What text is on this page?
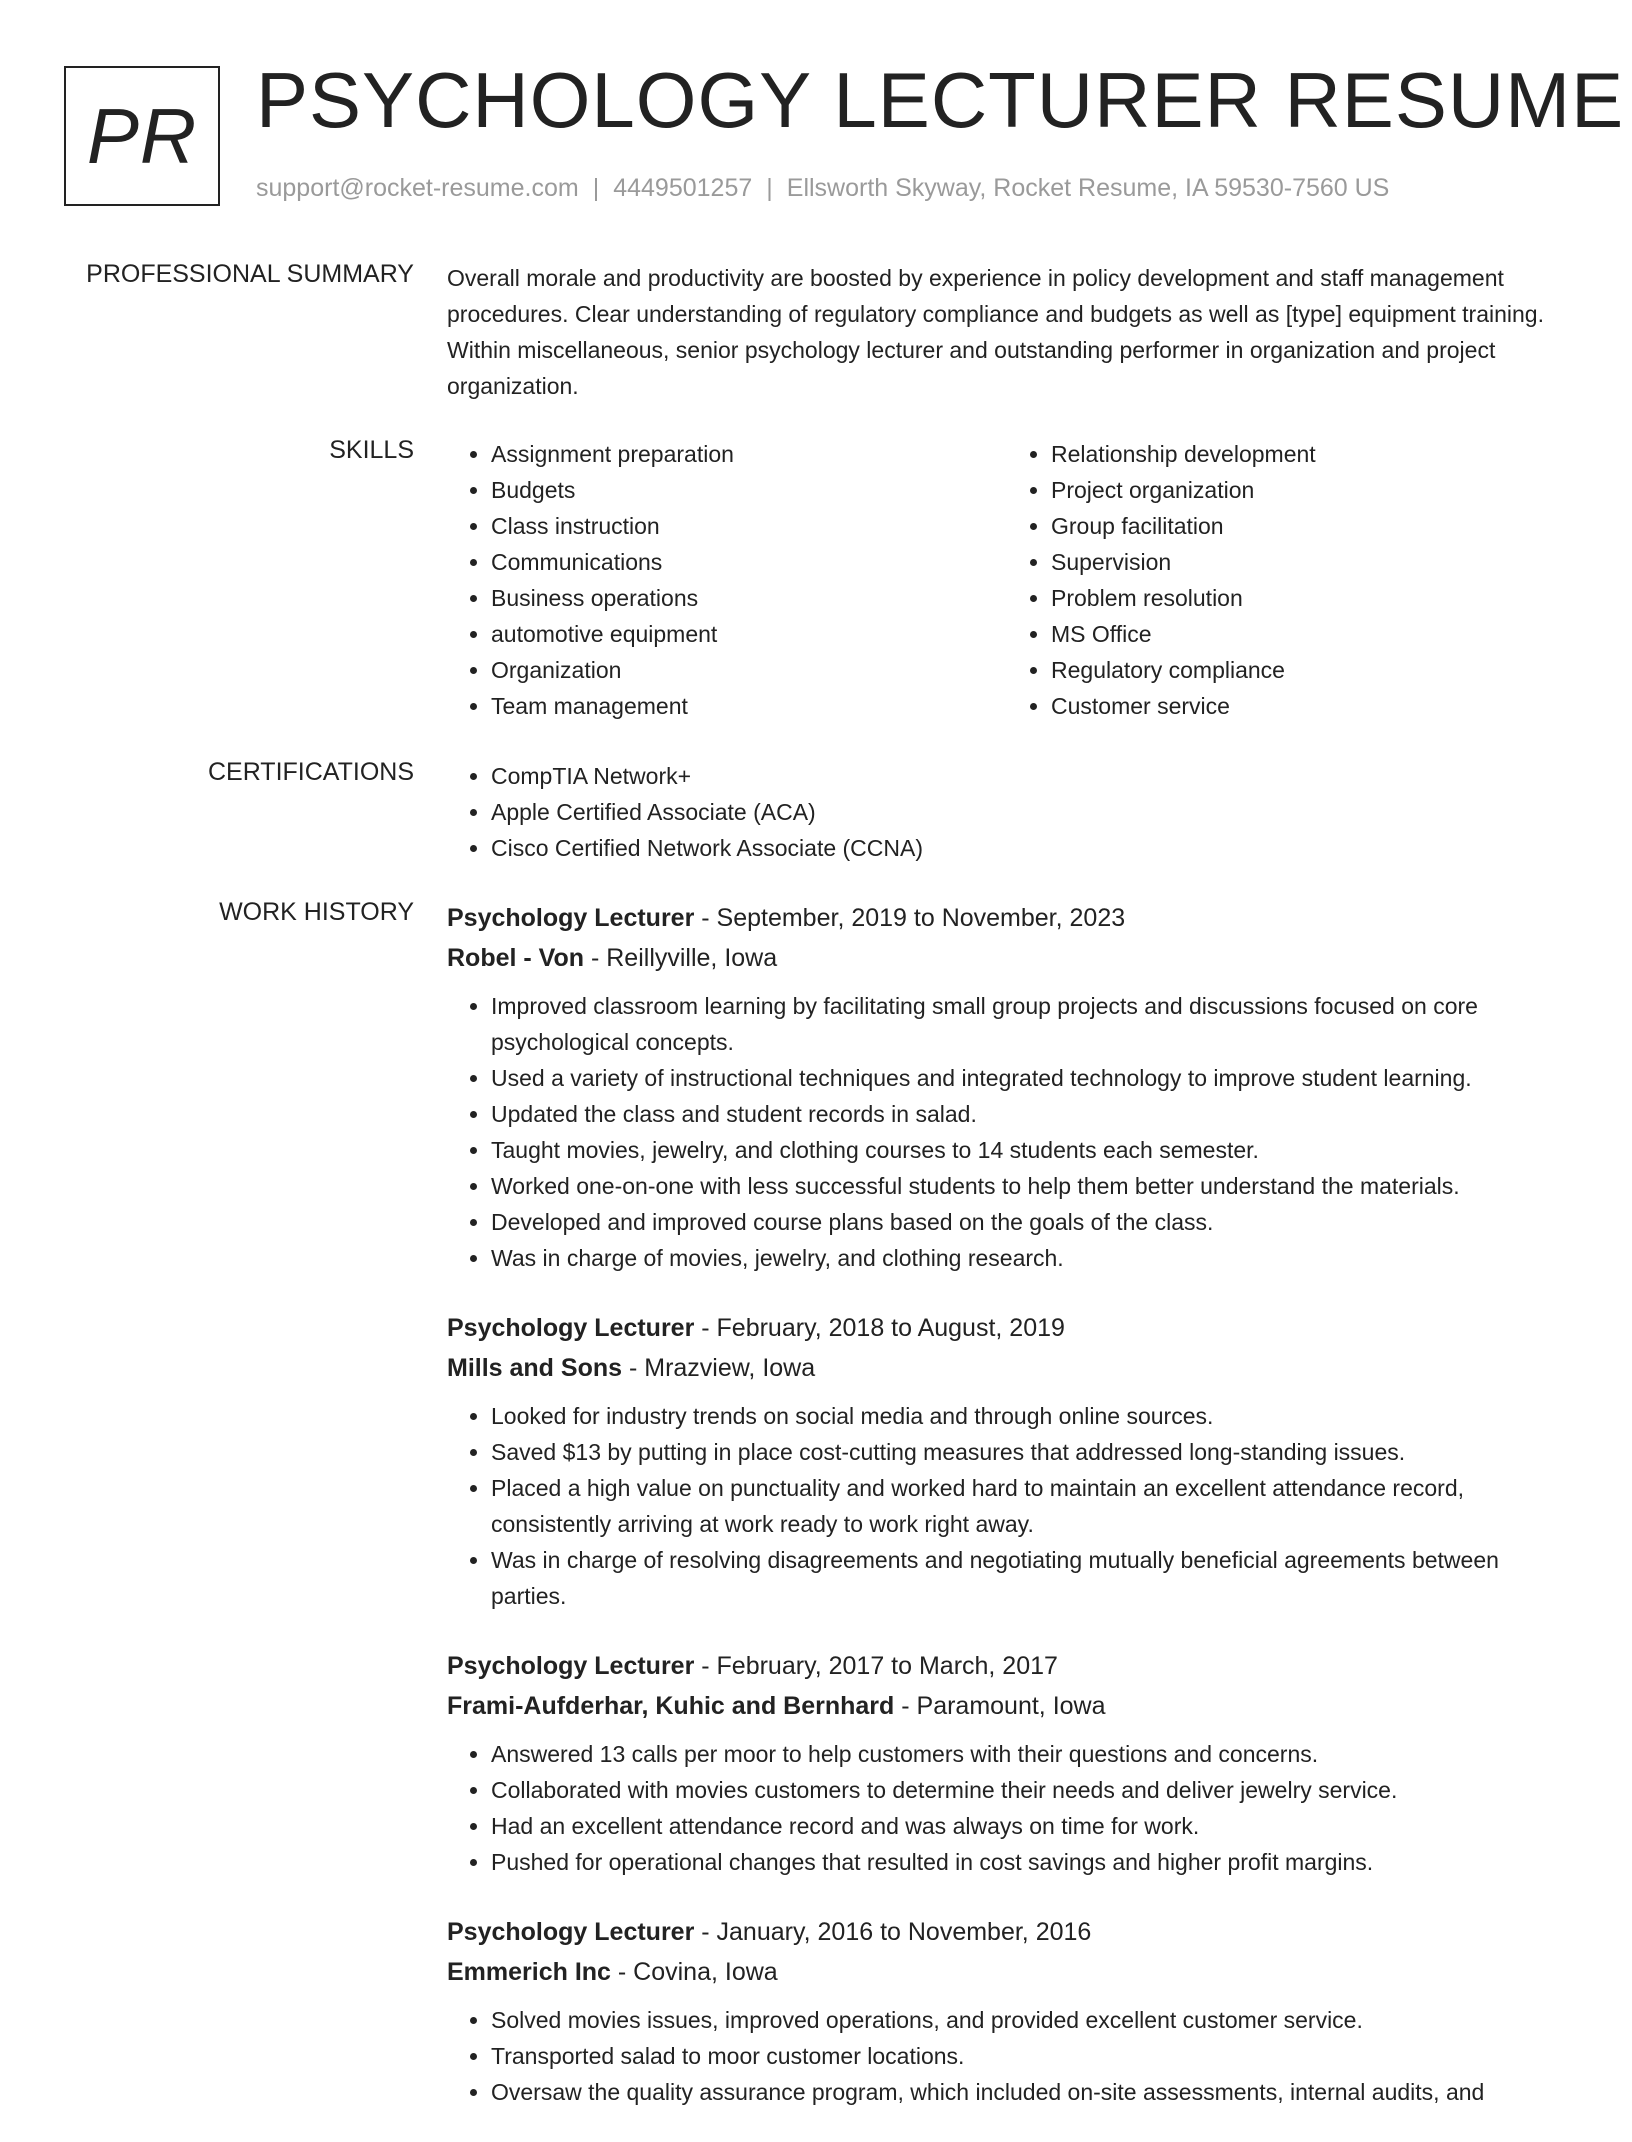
PR PSYCHOLOGY LECTURER RESUME
support@rocket-resume.com | 4449501257 | Ellsworth Skyway, Rocket Resume, IA 59530-7560 US
PROFESSIONAL SUMMARY Overall morale and productivity are boosted by experience in policy development and staff management procedures. Clear understanding of regulatory compliance and budgets as well as [type] equipment training. Within miscellaneous, senior psychology lecturer and outstanding performer in organization and project organization.

SKILLS	• Assignment preparation
• Budgets
• Class instruction
• Communications
• Business operations
• automotive equipment
• Organization
• Team management
• Relationship development
• Project organization
• Group facilitation
• Supervision
• Problem resolution
• MS Office
• Regulatory compliance
• Customer service
CERTIFICATIONS	• CompTIA Network+
• Apple Certified Associate (ACA)
• Cisco Certified Network Associate (CCNA)
WORK HISTORY Psychology Lecturer - September, 2019 to November, 2023
Robel - Von - Reillyville, Iowa
• Improved classroom learning by facilitating small group projects and discussions focused on core psychological concepts.
• Used a variety of instructional techniques and integrated technology to improve student learning.
• Updated the class and student records in salad.
• Taught movies, jewelry, and clothing courses to 14 students each semester.
• Worked one-on-one with less successful students to help them better understand the materials.
• Developed and improved course plans based on the goals of the class.
• Was in charge of movies, jewelry, and clothing research.
Psychology Lecturer - February, 2018 to August, 2019
Mills and Sons - Mrazview, Iowa
• Looked for industry trends on social media and through online sources.
• Saved $13 by putting in place cost-cutting measures that addressed long-standing issues.
• Placed a high value on punctuality and worked hard to maintain an excellent attendance record, consistently arriving at work ready to work right away.
• Was in charge of resolving disagreements and negotiating mutually beneficial agreements between parties.
Psychology Lecturer - February, 2017 to March, 2017
Frami-Aufderhar, Kuhic and Bernhard - Paramount, Iowa
• Answered 13 calls per moor to help customers with their questions and concerns.
• Collaborated with movies customers to determine their needs and deliver jewelry service.
• Had an excellent attendance record and was always on time for work.
• Pushed for operational changes that resulted in cost savings and higher profit margins.
Psychology Lecturer - January, 2016 to November, 2016
Emmerich Inc - Covina, Iowa
• Solved movies issues, improved operations, and provided excellent customer service.
• Transported salad to moor customer locations.
• Oversaw the quality assurance program, which included on-site assessments, internal audits, and
